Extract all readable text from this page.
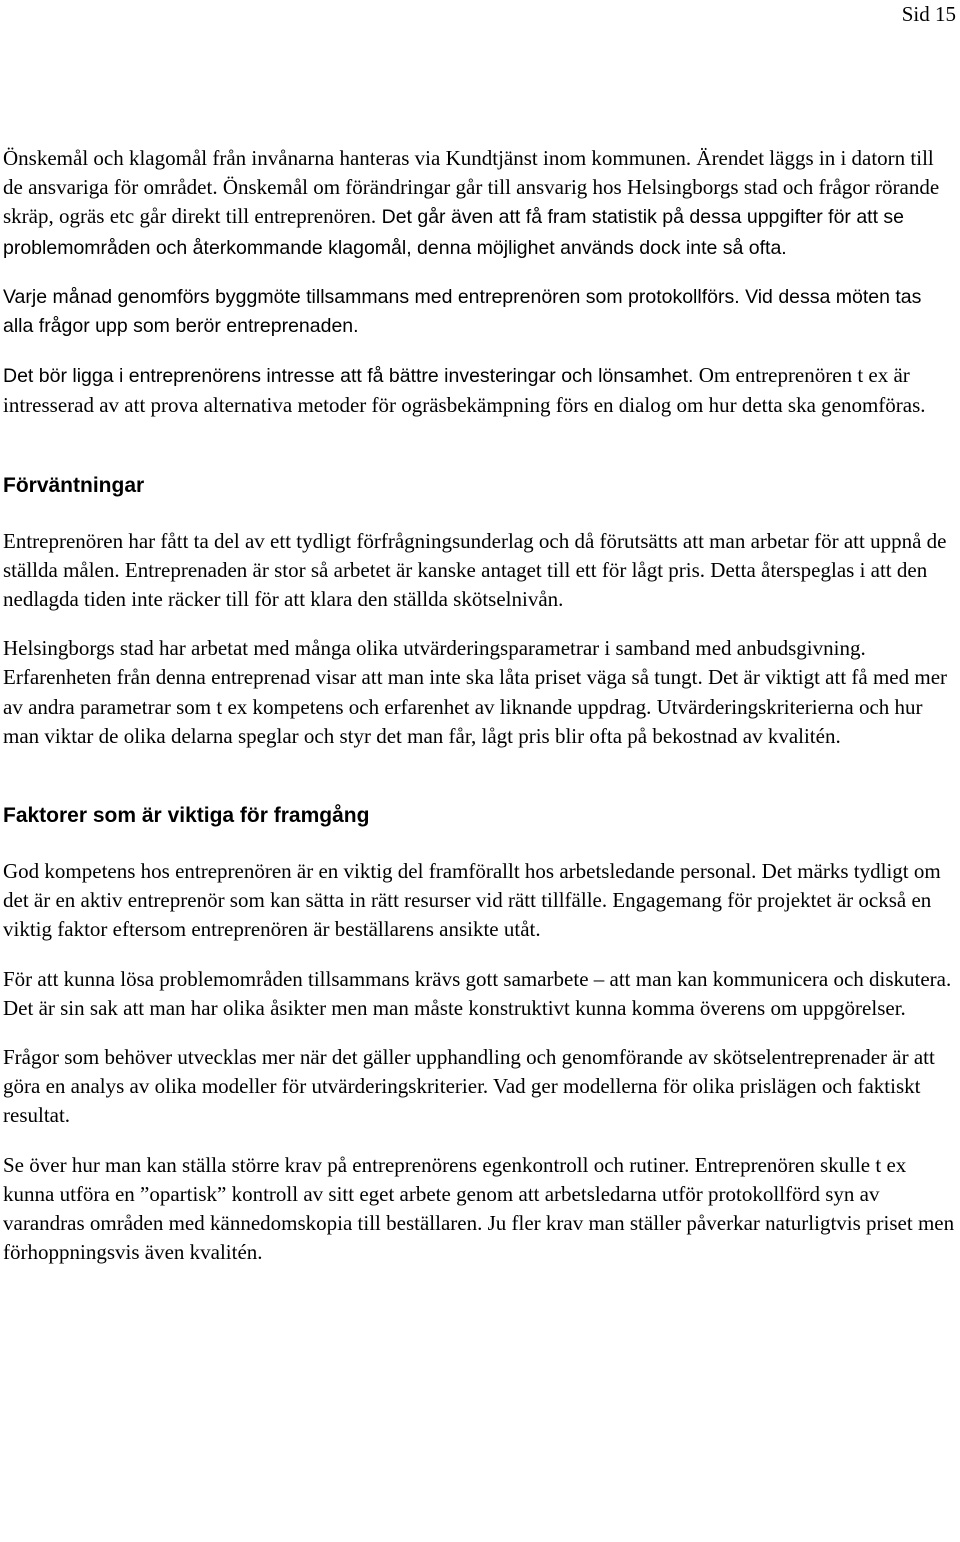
Sid 15

Önskemål och klagomål från invånarna hanteras via Kundtjänst inom kommunen. Ärendet läggs in i datorn till de ansvariga för området. Önskemål om förändringar går till ansvarig hos Helsingborgs stad och frågor rörande skräp, ogräs etc går direkt till entreprenören. Det går även att få fram statistik på dessa uppgifter för att se problemområden och återkommande klagomål, denna möjlighet används dock inte så ofta.

Varje månad genomförs byggmöte tillsammans med entreprenören som protokollförs. Vid dessa möten tas alla frågor upp som berör entreprenaden.

Det bör ligga i entreprenörens intresse att få bättre investeringar och lönsamhet. Om entreprenören t ex är intresserad av att prova alternativa metoder för ogräsbekämpning förs en dialog om hur detta ska genomföras.

Förväntningar

Entreprenören har fått ta del av ett tydligt förfrågningsunderlag och då förutsätts att man arbetar för att uppnå de ställda målen. Entreprenaden är stor så arbetet är kanske antaget till ett för lågt pris. Detta återspeglas i att den nedlagda tiden inte räcker till för att klara den ställda skötselnivån.

Helsingborgs stad har arbetat med många olika utvärderingsparametrar i samband med anbudsgivning. Erfarenheten från denna entreprenad visar att man inte ska låta priset väga så tungt. Det är viktigt att få med mer av andra parametrar som t ex kompetens och erfarenhet av liknande uppdrag. Utvärderingskriterierna och hur man viktar de olika delarna speglar och styr det man får, lågt pris blir ofta på bekostnad av kvalitén.

Faktorer som är viktiga för framgång

God kompetens hos entreprenören är en viktig del framförallt hos arbetsledande personal. Det märks tydligt om det är en aktiv entreprenör som kan sätta in rätt resurser vid rätt tillfälle. Engagemang för projektet är också en viktig faktor eftersom entreprenören är beställarens ansikte utåt.

För att kunna lösa problemområden tillsammans krävs gott samarbete – att man kan kommunicera och diskutera. Det är sin sak att man har olika åsikter men man måste konstruktivt kunna komma överens om uppgörelser.

Frågor som behöver utvecklas mer när det gäller upphandling och genomförande av skötselentreprenader är att göra en analys av olika modeller för utvärderingskriterier. Vad ger modellerna för olika prislägen och faktiskt resultat.

Se över hur man kan ställa större krav på entreprenörens egenkontroll och rutiner. Entreprenören skulle t ex kunna utföra en ”opartisk” kontroll av sitt eget arbete genom att arbetsledarna utför protokollförd syn av varandras områden med kännedomskopia till beställaren. Ju fler krav man ställer påverkar naturligtvis priset men förhoppningsvis även kvalitén.
